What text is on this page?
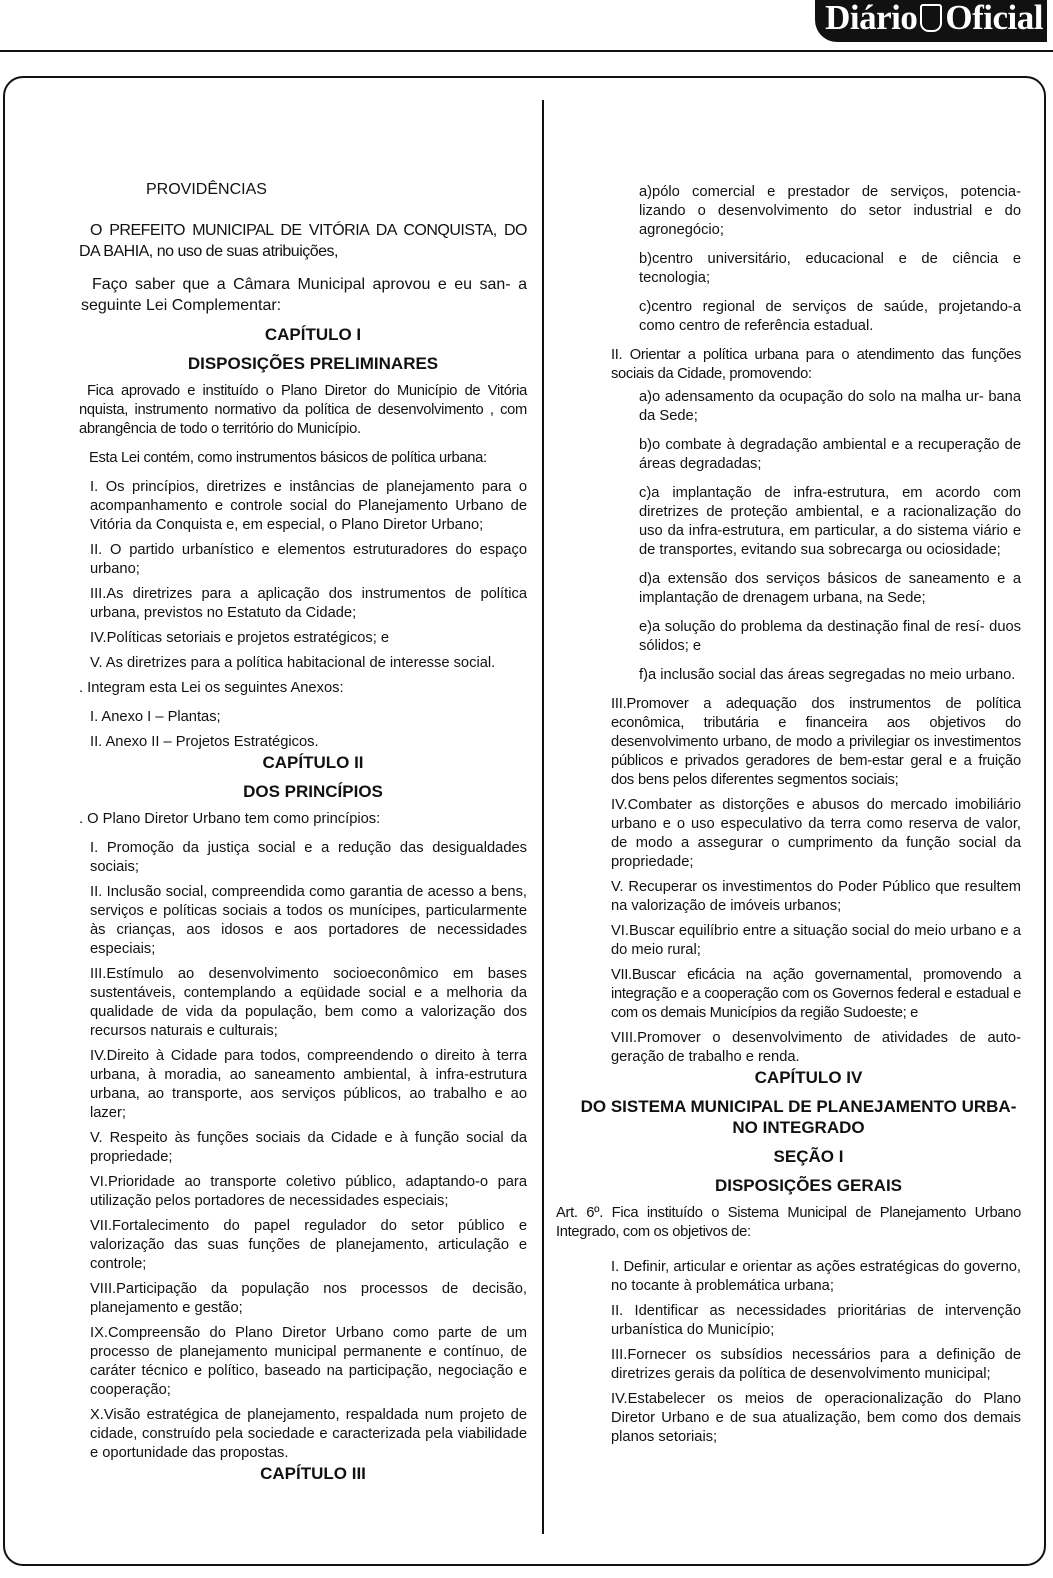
Diário Oficial

PROVIDÊNCIAS

O PREFEITO MUNICIPAL DE VITÓRIA DA CONQUISTA, DO DA BAHIA, no uso de suas atribuições,

Faço saber que a Câmara Municipal aprovou e eu san- a seguinte Lei Complementar:

CAPÍTULO I

DISPOSIÇÕES PRELIMINARES

Fica aprovado e instituído o Plano Diretor do Município de Vitória nquista, instrumento normativo da política de desenvolvimento , com abrangência de todo o território do Município.

Esta Lei contém, como instrumentos básicos de política urbana:

I. Os princípios, diretrizes e instâncias de planejamento para o acompanhamento e controle social do Planejamento Urbano de Vitória da Conquista e, em especial, o Plano Diretor Urbano;

II. O partido urbanístico e elementos estruturadores do espaço urbano;

III.As diretrizes para a aplicação dos instrumentos de política urbana, previstos no Estatuto da Cidade;

IV.Políticas setoriais e projetos estratégicos; e

V. As diretrizes para a política habitacional de interesse social.

. Integram esta Lei os seguintes Anexos:

I. Anexo I – Plantas;

II. Anexo II – Projetos Estratégicos.

CAPÍTULO II

DOS PRINCÍPIOS

. O Plano Diretor Urbano tem como princípios:

I. Promoção da justiça social e a redução das desigualdades sociais;

II. Inclusão social, compreendida como garantia de acesso a bens, serviços e políticas sociais a todos os munícipes, particularmente às crianças, aos idosos e aos portadores de necessidades especiais;

III.Estímulo ao desenvolvimento socioeconômico em bases sustentáveis, contemplando a eqüidade social e a melhoria da qualidade de vida da população, bem como a valorização dos recursos naturais e culturais;

IV.Direito à Cidade para todos, compreendendo o direito à terra urbana, à moradia, ao saneamento ambiental, à infra-estrutura urbana, ao transporte, aos serviços públicos, ao trabalho e ao lazer;

V. Respeito às funções sociais da Cidade e à função social da propriedade;

VI.Prioridade ao transporte coletivo público, adaptando-o para utilização pelos portadores de necessidades especiais;

VII.Fortalecimento do papel regulador do setor público e valorização das suas funções de planejamento, articulação e controle;

VIII.Participação da população nos processos de decisão, planejamento e gestão;

IX.Compreensão do Plano Diretor Urbano como parte de um processo de planejamento municipal permanente e contínuo, de caráter técnico e político, baseado na participação, negociação e cooperação;

X.Visão estratégica de planejamento, respaldada num projeto de cidade, construído pela sociedade e caracterizada pela viabilidade e oportunidade das propostas.

CAPÍTULO III

a)pólo comercial e prestador de serviços, potencia- lizando o desenvolvimento do setor industrial e do agronegócio;

b)centro universitário, educacional e de ciência e tecnologia;

c)centro regional de serviços de saúde, projetando-a como centro de referência estadual.

II. Orientar a política urbana para o atendimento das funções sociais da Cidade, promovendo:

a)o adensamento da ocupação do solo na malha ur- bana da Sede;

b)o combate à degradação ambiental e a recuperação de áreas degradadas;

c)a implantação de infra-estrutura, em acordo com diretrizes de proteção ambiental, e a racionalização do uso da infra-estrutura, em particular, a do sistema viário e de transportes, evitando sua sobrecarga ou ociosidade;

d)a extensão dos serviços básicos de saneamento e a implantação de drenagem urbana, na Sede;

e)a solução do problema da destinação final de resí- duos sólidos; e

f)a inclusão social das áreas segregadas no meio urbano.

III.Promover a adequação dos instrumentos de política econômica, tributária e financeira aos objetivos do desenvolvimento urbano, de modo a privilegiar os investimentos públicos e privados geradores de bem-estar geral e a fruição dos bens pelos diferentes segmentos sociais;

IV.Combater as distorções e abusos do mercado imobiliário urbano e o uso especulativo da terra como reserva de valor, de modo a assegurar o cumprimento da função social da propriedade;

V. Recuperar os investimentos do Poder Público que resultem na valorização de imóveis urbanos;

VI.Buscar equilíbrio entre a situação social do meio urbano e a do meio rural;

VII.Buscar eficácia na ação governamental, promovendo a integração e a cooperação com os Governos federal e estadual e com os demais Municípios da região Sudoeste; e

VIII.Promover o desenvolvimento de atividades de auto- geração de trabalho e renda.

CAPÍTULO IV

DO SISTEMA MUNICIPAL DE PLANEJAMENTO URBA- NO INTEGRADO

SEÇÃO I

DISPOSIÇÕES GERAIS

Art. 6º. Fica instituído o Sistema Municipal de Planejamento Urbano Integrado, com os objetivos de:

I. Definir, articular e orientar as ações estratégicas do governo, no tocante à problemática urbana;

II. Identificar as necessidades prioritárias de intervenção urbanística do Município;

III.Fornecer os subsídios necessários para a definição de diretrizes gerais da política de desenvolvimento municipal;

IV.Estabelecer os meios de operacionalização do Plano Diretor Urbano e de sua atualização, bem como dos demais planos setoriais;
